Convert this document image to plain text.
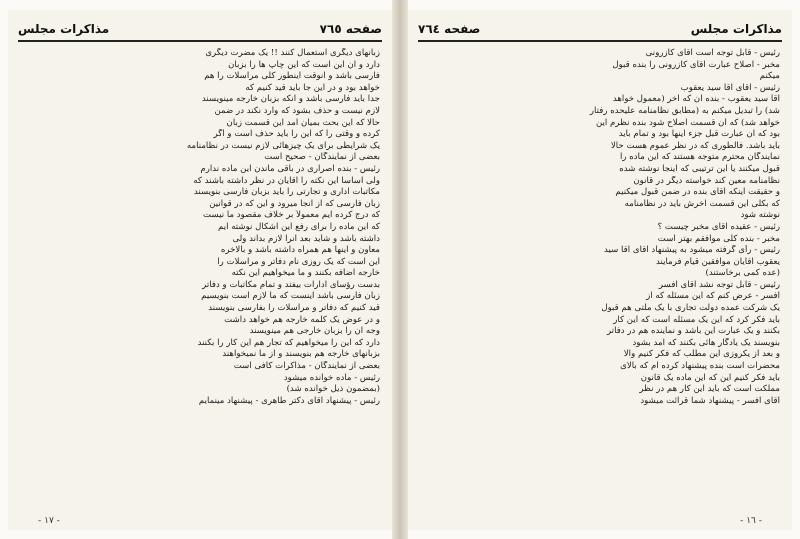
صفحه ٧٦٥
مذاكرات مجلس
زبانهای دیگری استعمال کنند !! یک مضرت دیگری
دارد و آن این است که این چاپ ها را بزبان
فارسی باشد و آنوقت اینطور کلی مراسلات را هم
خواهد بود و در این جا باید قید کنیم که
جدا باید فارسی باشد و آنکه بزبان خارجه مینویسند
لازم نیست و حذف بشود که وارد نکند در ضمن
حالا که این بحث بمیان آمد این قسمت زبان
کرده و وقتی را که این را باید حذف است و اگر
یک شرایطی برای یک چیزهائی لازم نیست در نظامنامه
بعضی از نمایندگان - صحیح است
رئیس - بنده اصراری در باقی ماندن این ماده ندارم
ولی اساساً این نکته را آقایان در نظر داشته باشند که
مکاتبات اداری و تجارتی را باید بزبان فارسی بنویسند
زبان فارسی که از آنجا میرود و این که در قوانین
که درج کرده ایم معمولاً بر خلاف مقصود ما نیست
که این ماده را برای رفع این اشکال نوشته ایم
داشته باشد و شاید بعد آنرا لازم بداند ولی
معاون و اینها هم همراه داشته باشد و بالاخره
این است که یک روزی نام دفاتر و مراسلات را
خارجه اضافه بکنند و ما میخواهیم این نکته
بدست رؤسای ادارات بیفتد و تمام مکاتبات و دفاتر
زبان فارسی باشد اینست که ما لازم است بنویسیم
قید کنیم که دفاتر و مراسلات را بفارسی بنویسند
و در عوض یک کلمه خارجه هم خواهد داشت
وجه آن را بزبان خارجی هم مینویسند
دارد که این را میخواهیم که تجار هم این کار را بکنند
بزبانهای خارجه هم بنویسند و از ما نمیخواهند
بعضی از نمایندگان - مذاکرات کافی است
رئیس - ماده خوانده میشود
(بمضمون ذیل خوانده شد)
رئیس - پیشنهاد آقای دکتر طاهری - پیشنهاد مینمایم
- ١٧ -
مذاکرات مجلس
صفحه ٧٦٤
رئیس - قابل توجه است آقای کازرونی
مخبر - اصلاح عبارت آقای کازرونی را بنده قبول
میکنم
رئیس - آقای آقا سید یعقوب
آقا سید یعقوب - بنده آن که آخر (معمول خواهد
شد) را تبدیل میکنم به (مطابق نظامنامه علیحده رفتار
خواهد شد) که آن قسمت اصلاح شود بنده نظرم این
بود که آن عبارت قبل جزء اینها بود و تمام باید
باید باشد. فالطوری که در نظر عموم هست حالا
نمایندگان محترم متوجه هستند که این ماده را
قبول میکنند یا این ترتیبی که اینجا نوشته شده
نظامنامه معین کند خواسته دیگر در قانون
و حقیقت اینکه آقای بنده در ضمن قبول میکنیم
که بکلی این قسمت آخرش باید در نظامنامه
نوشته شود
رئیس - عقیده آقای مخبر چیست ؟
مخبر - بنده کلی موافقم بهتر است
رئیس - رأی گرفته میشود به پیشنهاد آقای آقا سید
یعقوب آقایان موافقین قیام فرمایند
(عده کمی برخاستند)
رئیس - قابل توجه نشد آقای افسر
افسر - عرض کنم که این مسئله که از
یک شرکت عمده دولت تجاری با یک ملتی هم قبول
باید فکر کرد که این یک مسئله است که این کار
بکنند و یک عبارت این باشد و نماینده هم در دفاتر
بنویسند یک یادگار هائی بکنند که آمد بشود
و بعد از یکروزی این مطلب که فکر کنیم والا
محضرات است بنده پیشنهاد کرده ام که بالای
باید فکر کنیم این که این ماده یک قانون
مملکت است که باید این کار هم در نظر
آقای افسر - پیشنهاد شما قرائت میشود
- ١٦ -
